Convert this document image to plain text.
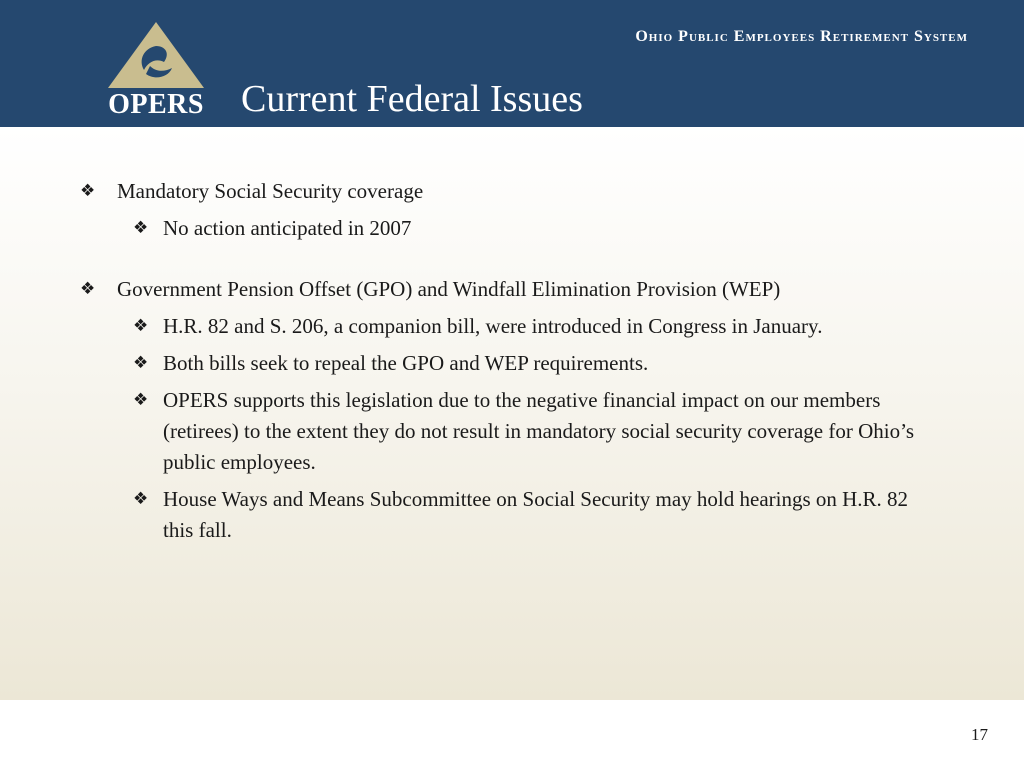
OPERS
Ohio Public Employees Retirement System
Current Federal Issues
❖ Mandatory Social Security coverage
❖ No action anticipated in 2007
❖ Government Pension Offset (GPO) and Windfall Elimination Provision (WEP)
❖ H.R. 82 and S. 206, a companion bill, were introduced in Congress in January.
❖ Both bills seek to repeal the GPO and WEP requirements.
❖ OPERS supports this legislation due to the negative financial impact on our members (retirees) to the extent they do not result in mandatory social security coverage for Ohio’s public employees.
❖ House Ways and Means Subcommittee on Social Security may hold hearings on H.R. 82 this fall.
17
